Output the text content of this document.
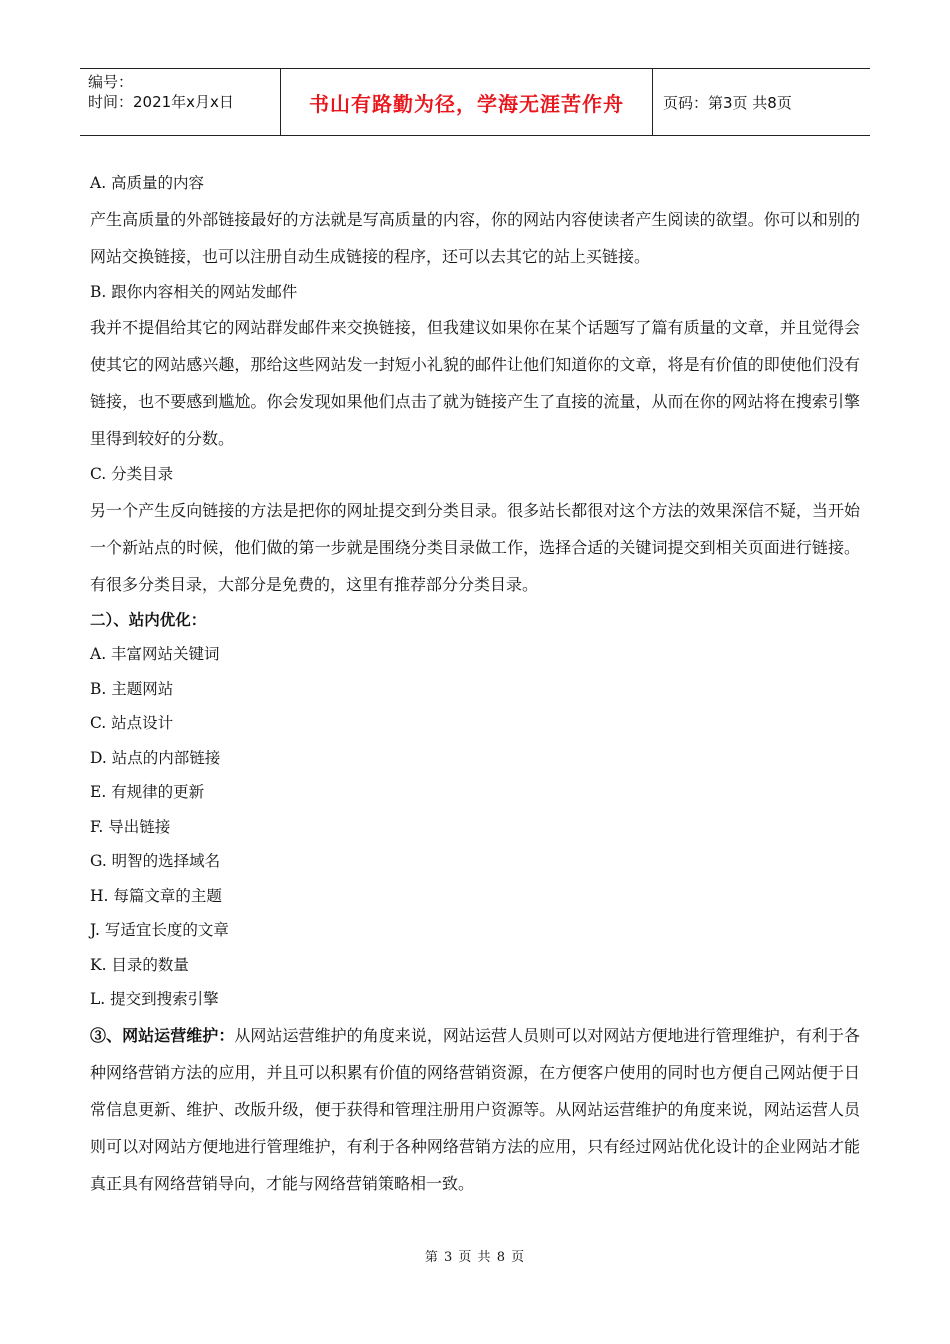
编号：
时间：2021年x月x日	书山有路勤为径，学海无涯苦作舟	页码：第3页 共8页
A. 高质量的内容
产生高质量的外部链接最好的方法就是写高质量的内容，你的网站内容使读者产生阅读的欲望。你可以和别的网站交换链接，也可以注册自动生成链接的程序，还可以去其它的站上买链接。
B. 跟你内容相关的网站发邮件
我并不提倡给其它的网站群发邮件来交换链接，但我建议如果你在某个话题写了篇有质量的文章，并且觉得会使其它的网站感兴趣，那给这些网站发一封短小礼貌的邮件让他们知道你的文章，将是有价值的即使他们没有链接，也不要感到尴尬。你会发现如果他们点击了就为链接产生了直接的流量，从而在你的网站将在搜索引擎里得到较好的分数。
C. 分类目录
另一个产生反向链接的方法是把你的网址提交到分类目录。很多站长都很对这个方法的效果深信不疑，当开始一个新站点的时候，他们做的第一步就是围绕分类目录做工作，选择合适的关键词提交到相关页面进行链接。有很多分类目录，大部分是免费的，这里有推荐部分分类目录。
二）、站内优化：
A. 丰富网站关键词
B. 主题网站
C. 站点设计
D. 站点的内部链接
E. 有规律的更新
F. 导出链接
G. 明智的选择域名
H. 每篇文章的主题
J. 写适宜长度的文章
K. 目录的数量
L. 提交到搜索引擎
③、网站运营维护：从网站运营维护的角度来说，网站运营人员则可以对网站方便地进行管理维护，有利于各种网络营销方法的应用，并且可以积累有价值的网络营销资源，在方便客户使用的同时也方便自己网站便于日常信息更新、维护、改版升级，便于获得和管理注册用户资源等。从网站运营维护的角度来说，网站运营人员则可以对网站方便地进行管理维护，有利于各种网络营销方法的应用，只有经过网站优化设计的企业网站才能真正具有网络营销导向，才能与网络营销策略相一致。
第 3 页 共 8 页
